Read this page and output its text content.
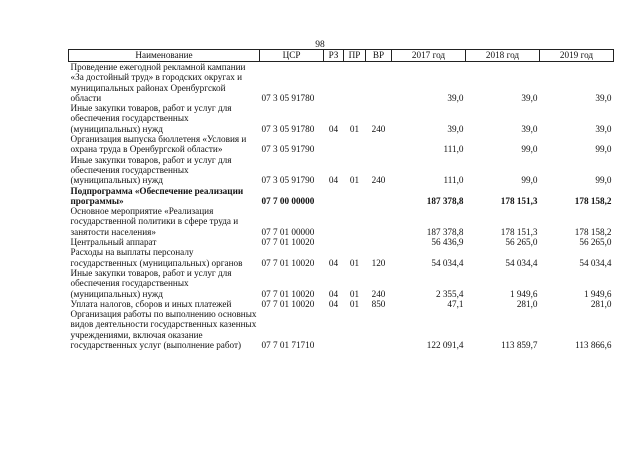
98
Наименование	ЦСР	РЗ	ПР	ВР	2017 год	2018 год	2019 год
Проведение ежегодной рекламной кампании «За достойный труд» в городских округах и муниципальных районах Оренбургской области	07 3 05 91780				39,0	39,0	39,0
Иные закупки товаров, работ и услуг для обеспечения государственных (муниципальных) нужд	07 3 05 91780	04	01	240	39,0	39,0	39,0
Организация выпуска бюллетеня «Условия и охрана труда в Оренбургской области»	07 3 05 91790				111,0	99,0	99,0
Иные закупки товаров, работ и услуг для обеспечения государственных (муниципальных) нужд	07 3 05 91790	04	01	240	111,0	99,0	99,0
Подпрограмма «Обеспечение реализации программы»	07 7 00 00000				187 378,8	178 151,3	178 158,2
Основное мероприятие «Реализация государственной политики в сфере труда и занятости населения»	07 7 01 00000				187 378,8	178 151,3	178 158,2
Центральный аппарат	07 7 01 10020				56 436,9	56 265,0	56 265,0
Расходы на выплаты персоналу государственных (муниципальных) органов	07 7 01 10020	04	01	120	54 034,4	54 034,4	54 034,4
Иные закупки товаров, работ и услуг для обеспечения государственных (муниципальных) нужд	07 7 01 10020	04	01	240	2 355,4	1 949,6	1 949,6
Уплата налогов, сборов и иных платежей	07 7 01 10020	04	01	850	47,1	281,0	281,0
Организация работы по выполнению основных видов деятельности государственных казенных учреждениями, включая оказание государственных услуг (выполнение работ)	07 7 01 71710				122 091,4	113 859,7	113 866,6
